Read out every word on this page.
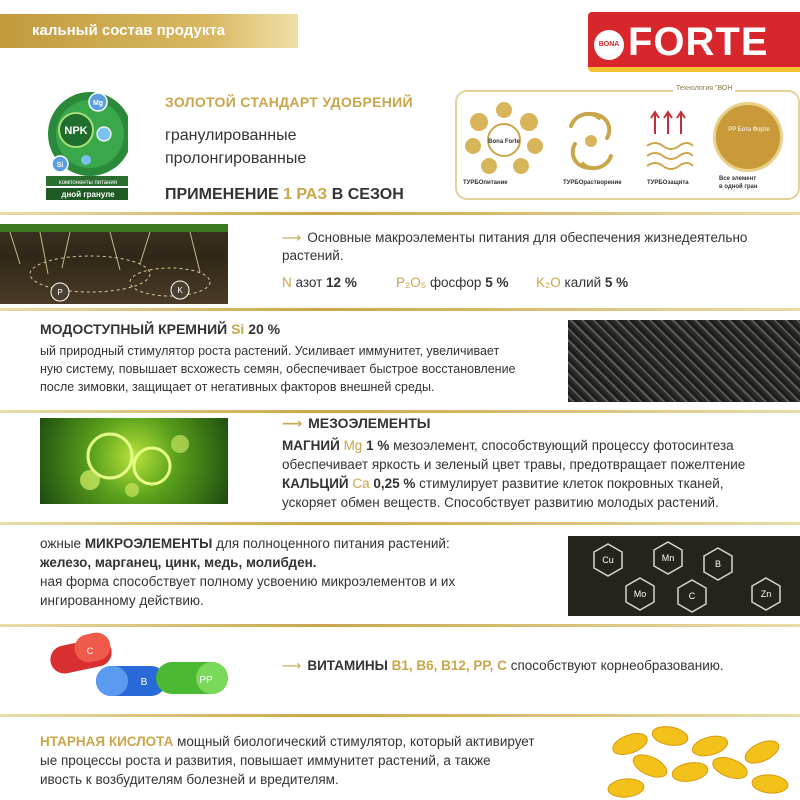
кальный состав продукта
BONA FORTE
NPK
Mg
Si
компоненты питания
дной грануле
ЗОЛОТОЙ СТАНДАРТ УДОБРЕНИЙ
гранулированные
пролонгированные
ПРИМЕНЕНИЕ 1 РАЗ В СЕЗОН
Технология "ВОН
Bona Forte
PP Бота Форте
ТУРБОпитание	ТУРБОрастворение	ТУРБОзащита
Все элемент
в одной гран
P	K
⟶ Основные макроэлементы питания для обеспечения жизнедеятельно
растений.
N азот 12 %	P₂O₅ фосфор 5 % K₂O калий 5 %
МОДОСТУПНЫЙ КРЕМНИЙ Si 20 %
ый природный стимулятор роста растений. Усиливает иммунитет, увеличивает
ную систему, повышает всхожесть семян, обеспечивает быстрое восстановление
после зимовки, защищает от негативных факторов внешней среды.
⟶ МЕЗОЭЛЕМЕНТЫ
МАГНИЙ Mg 1 % мезоэлемент, способствующий процессу фотосинтеза
обеспечивает яркость и зеленый цвет травы, предотвращает пожелтение
КАЛЬЦИЙ Ca 0,25 % стимулирует развитие клеток покровных тканей,
ускоряет обмен веществ. Способствует развитию молодых растений.
ожные МИКРОЭЛЕМЕНТЫ для полноценного питания растений:
железо, марганец, цинк, медь, молибден.
ная форма способствует полному усвоению микроэлементов и их
ингированному действию.
Cu	Mn
B
Mo	C	Zn
C
B	PP
⟶ ВИТАМИНЫ В1, В6, В12, PP, C способствуют корнеобразованию.
НТАРНАЯ КИСЛОТА мощный биологический стимулятор, который активирует
ые процессы роста и развития, повышает иммунитет растений, а также
ивость к возбудителям болезней и вредителям.
